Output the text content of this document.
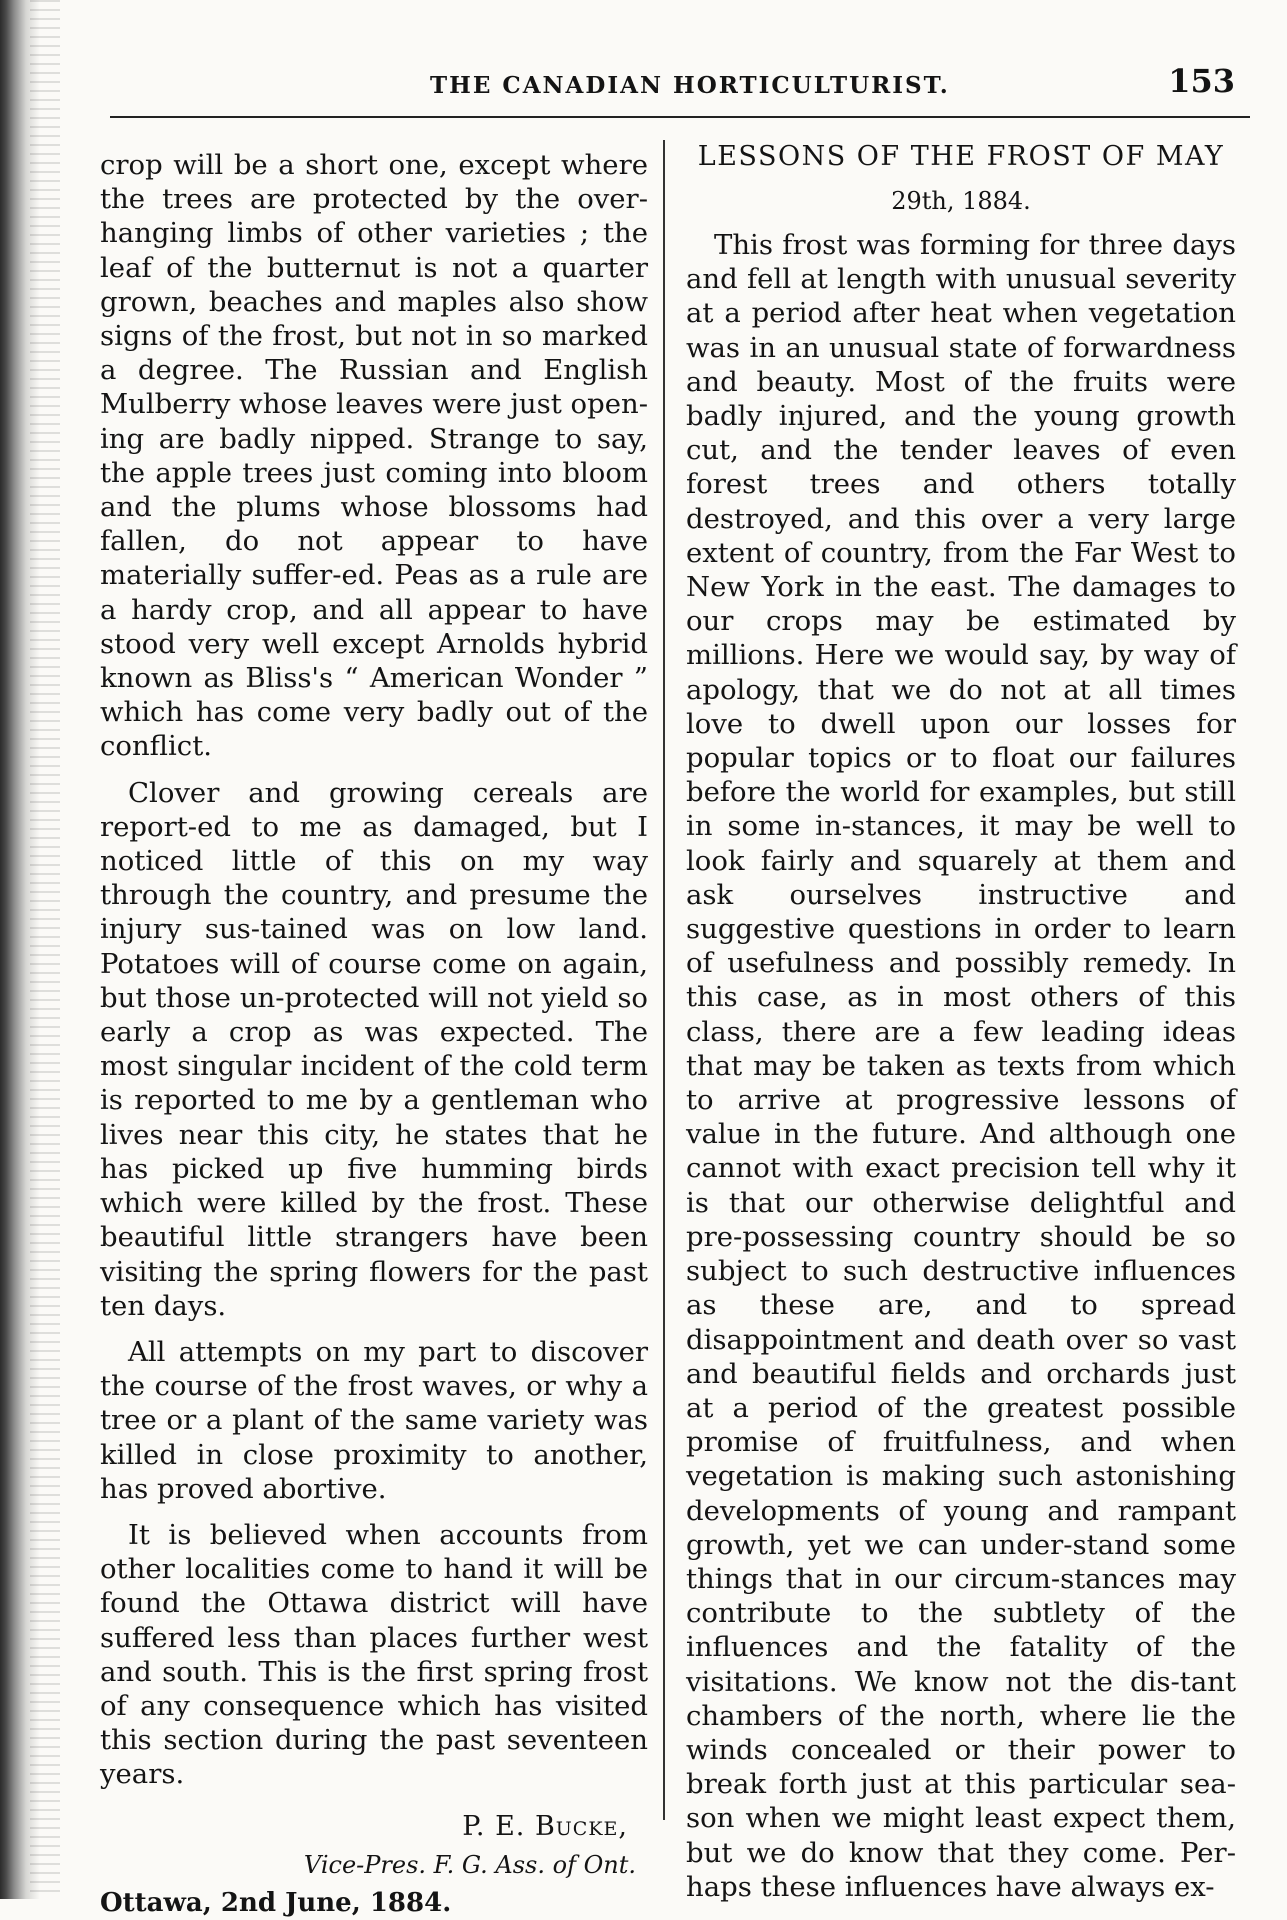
THE CANADIAN HORTICULTURIST.	153

crop will be a short one, except where the trees are protected by the over-hanging limbs of other varieties ; the leaf of the butternut is not a quarter grown, beaches and maples also show signs of the frost, but not in so marked a degree. The Russian and English Mulberry whose leaves were just open-ing are badly nipped. Strange to say, the apple trees just coming into bloom and the plums whose blossoms had fallen, do not appear to have materially suffer-ed. Peas as a rule are a hardy crop, and all appear to have stood very well except Arnolds hybrid known as Bliss's “ American Wonder ” which has come very badly out of the conflict.

Clover and growing cereals are report-ed to me as damaged, but I noticed little of this on my way through the country, and presume the injury sus-tained was on low land. Potatoes will of course come on again, but those un-protected will not yield so early a crop as was expected. The most singular incident of the cold term is reported to me by a gentleman who lives near this city, he states that he has picked up five humming birds which were killed by the frost. These beautiful little strangers have been visiting the spring flowers for the past ten days.

All attempts on my part to discover the course of the frost waves, or why a tree or a plant of the same variety was killed in close proximity to another, has proved abortive.

It is believed when accounts from other localities come to hand it will be found the Ottawa district will have suffered less than places further west and south. This is the first spring frost of any consequence which has visited this section during the past seventeen years.

P. E. Bucke,
Vice-Pres. F. G. Ass. of Ont.
Ottawa, 2nd June, 1884.

LESSONS OF THE FROST OF MAY

29th, 1884.

This frost was forming for three days and fell at length with unusual severity at a period after heat when vegetation was in an unusual state of forwardness and beauty. Most of the fruits were badly injured, and the young growth cut, and the tender leaves of even forest trees and others totally destroyed, and this over a very large extent of country, from the Far West to New York in the east. The damages to our crops may be estimated by millions. Here we would say, by way of apology, that we do not at all times love to dwell upon our losses for popular topics or to float our failures before the world for examples, but still in some in-stances, it may be well to look fairly and squarely at them and ask ourselves instructive and suggestive questions in order to learn of usefulness and possibly remedy. In this case, as in most others of this class, there are a few leading ideas that may be taken as texts from which to arrive at progressive lessons of value in the future. And although one cannot with exact precision tell why it is that our otherwise delightful and pre-possessing country should be so subject to such destructive influences as these are, and to spread disappointment and death over so vast and beautiful fields and orchards just at a period of the greatest possible promise of fruitfulness, and when vegetation is making such astonishing developments of young and rampant growth, yet we can under-stand some things that in our circum-stances may contribute to the subtlety of the influences and the fatality of the visitations. We know not the dis-tant chambers of the north, where lie the winds concealed or their power to break forth just at this particular sea-son when we might least expect them, but we do know that they come. Per-haps these influences have always ex-
